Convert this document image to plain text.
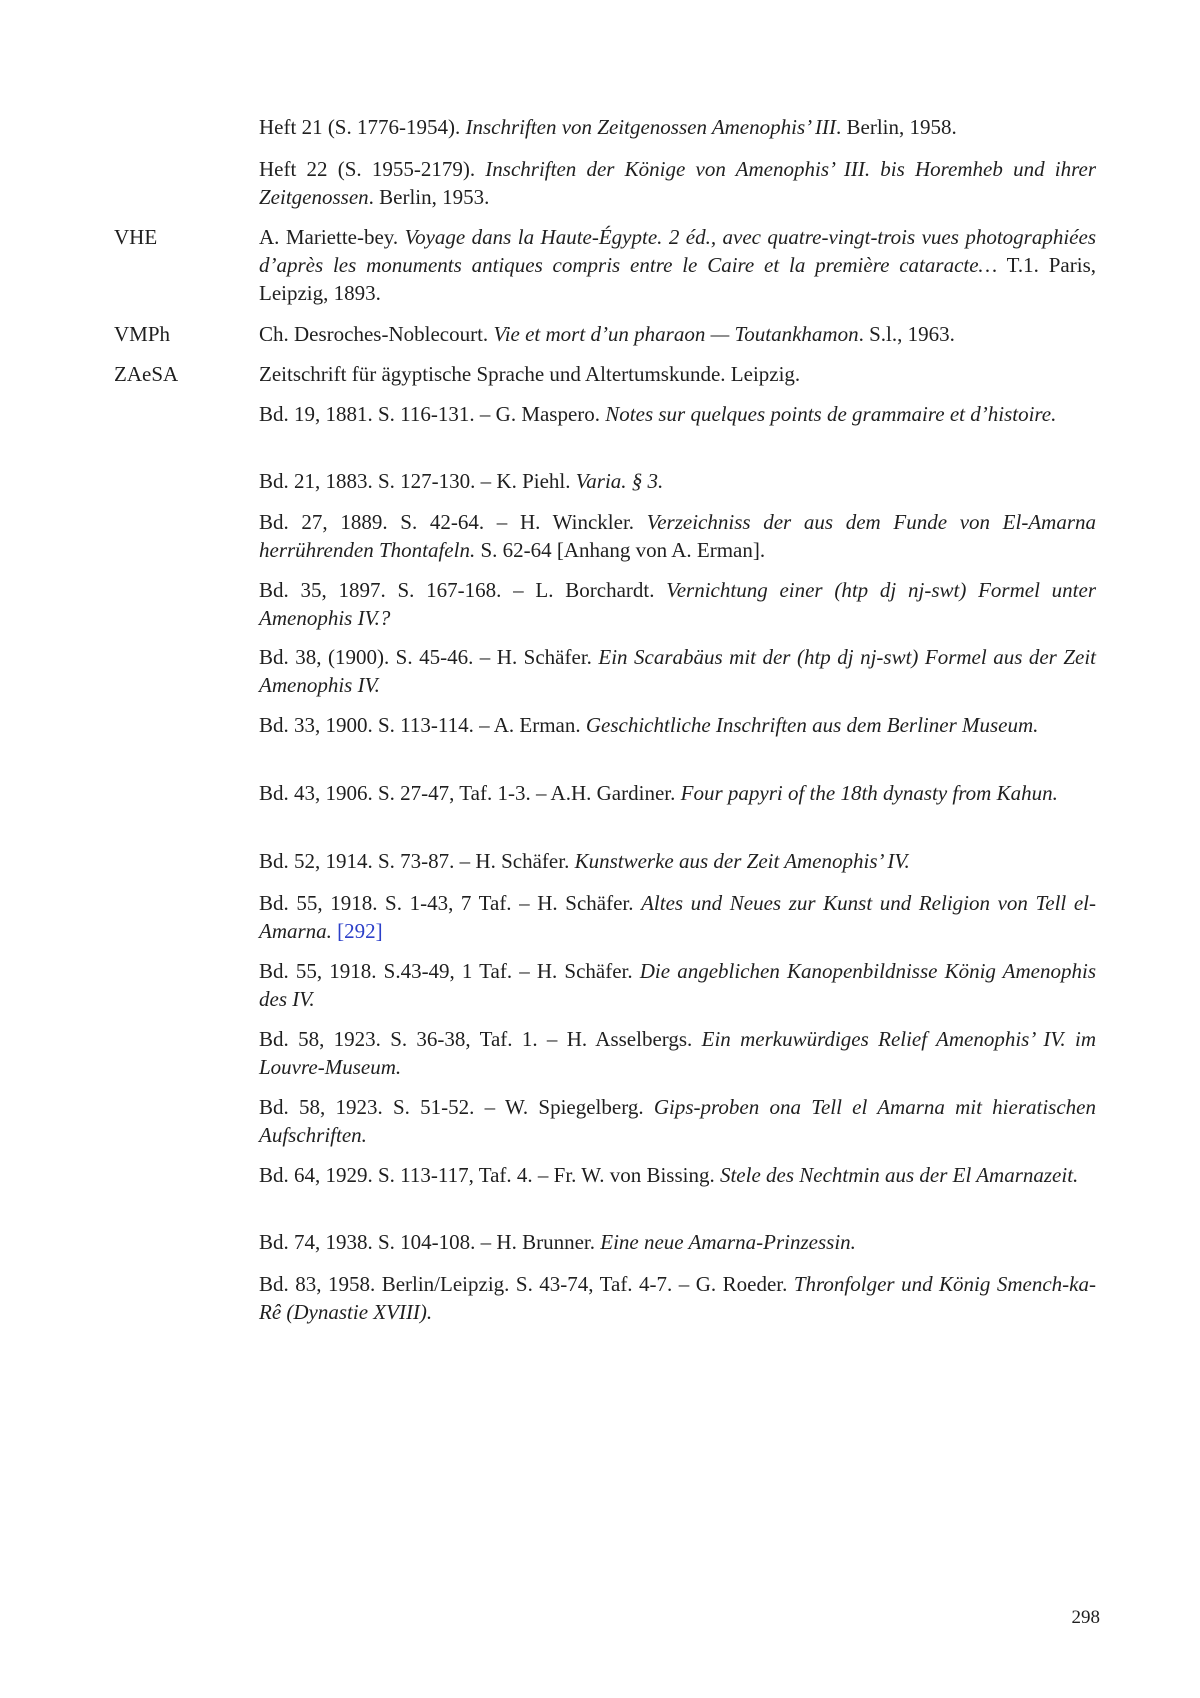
Heft 21 (S. 1776-1954). Inschriften von Zeitgenossen Amenophis’ III. Berlin, 1958.
Heft 22 (S. 1955-2179). Inschriften der Könige von Amenophis’ III. bis Horemheb und ihrer Zeitgenossen. Berlin, 1953.
VHE	A. Mariette-bey. Voyage dans la Haute-Égypte. 2 éd., avec quatre-vingt-trois vues photographiées d’après les monuments antiques compris entre le Caire et la première cataracte… T.1. Paris, Leipzig, 1893.
VMPh	Ch. Desroches-Noblecourt. Vie et mort d’un pharaon — Toutankhamon. S.l., 1963.
ZAeSA	Zeitschrift für ägyptische Sprache und Altertumskunde. Leipzig.
Bd. 19, 1881. S. 116-131. – G. Maspero. Notes sur quelques points de grammaire et d’histoire.
Bd. 21, 1883. S. 127-130. – K. Piehl. Varia. § 3.
Bd. 27, 1889. S. 42-64. – H. Winckler. Verzeichniss der aus dem Funde von El-Amarna herrührenden Thontafeln. S. 62-64 [Anhang von A. Erman].
Bd. 35, 1897. S. 167-168. – L. Borchardt. Vernichtung einer (htp dj nj-swt) Formel unter Amenophis IV.?
Bd. 38, (1900). S. 45-46. – H. Schäfer. Ein Scarabäus mit der (htp dj nj-swt) Formel aus der Zeit Amenophis IV.
Bd. 33, 1900. S. 113-114. – A. Erman. Geschichtliche Inschriften aus dem Berliner Museum.
Bd. 43, 1906. S. 27-47, Taf. 1-3. – A.H. Gardiner. Four papyri of the 18th dynasty from Kahun.
Bd. 52, 1914. S. 73-87. – H. Schäfer. Kunstwerke aus der Zeit Amenophis’ IV.
Bd. 55, 1918. S. 1-43, 7 Taf. – H. Schäfer. Altes und Neues zur Kunst und Religion von Tell el-Amarna. [292]
Bd. 55, 1918. S.43-49, 1 Taf. – H. Schäfer. Die angeblichen Kanopenbildnisse König Amenophis des IV.
Bd. 58, 1923. S. 36-38, Taf. 1. – H. Asselbergs. Ein merkuwürdiges Relief Amenophis’ IV. im Louvre-Museum.
Bd. 58, 1923. S. 51-52. – W. Spiegelberg. Gips-proben ona Tell el Amarna mit hieratischen Aufschriften.
Bd. 64, 1929. S. 113-117, Taf. 4. – Fr. W. von Bissing. Stele des Nechtmin aus der El Amarnazeit.
Bd. 74, 1938. S. 104-108. – H. Brunner. Eine neue Amarna-Prinzessin.
Bd. 83, 1958. Berlin/Leipzig. S. 43-74, Taf. 4-7. – G. Roeder. Thronfolger und König Smench-ka-Rê (Dynastie XVIII).
298
